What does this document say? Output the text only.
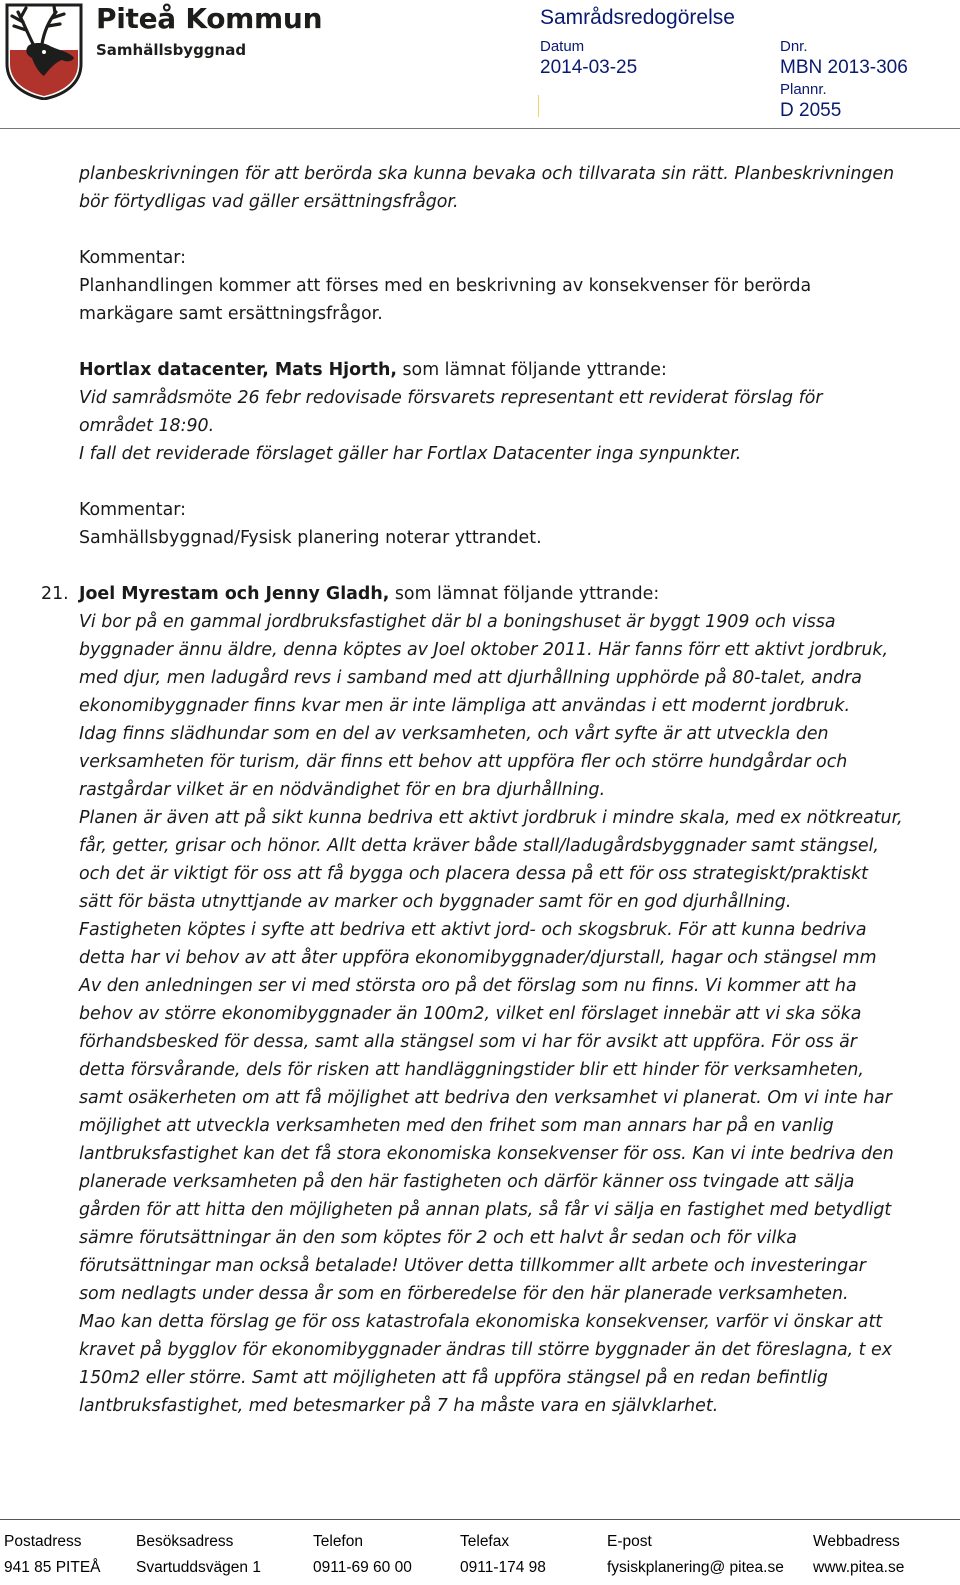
Piteå Kommun
Samhällsbyggnad
Samrådsredogörelse
Datum
2014-03-25
Dnr.
MBN 2013-306
Plannr.
D 2055

planbeskrivningen för att berörda ska kunna bevaka och tillvarata sin rätt. Planbeskrivningen

bör förtydligas vad gäller ersättningsfrågor.

Kommentar:

Planhandlingen kommer att förses med en beskrivning av konsekvenser för berörda

markägare samt ersättningsfrågor.

Hortlax datacenter, Mats Hjorth, som lämnat följande yttrande:

Vid samrådsmöte 26 febr redovisade försvarets representant ett reviderat förslag för

området 18:90.

I fall det reviderade förslaget gäller har Fortlax Datacenter inga synpunkter.

Kommentar:

Samhällsbyggnad/Fysisk planering noterar yttrandet.

21. Joel Myrestam och Jenny Gladh, som lämnat följande yttrande:

Vi bor på en gammal jordbruksfastighet där bl a boningshuset är byggt 1909 och vissa

byggnader ännu äldre, denna köptes av Joel oktober 2011. Här fanns förr ett aktivt jordbruk,

med djur, men ladugård revs i samband med att djurhållning upphörde på 80-talet, andra

ekonomibyggnader finns kvar men är inte lämpliga att användas i ett modernt jordbruk.

Idag finns slädhundar som en del av verksamheten, och vårt syfte är att utveckla den

verksamheten för turism, där finns ett behov att uppföra fler och större hundgårdar och

rastgårdar vilket är en nödvändighet för en bra djurhållning.

Planen är även att på sikt kunna bedriva ett aktivt jordbruk i mindre skala, med ex nötkreatur,

får, getter, grisar och hönor. Allt detta kräver både stall/ladugårdsbyggnader samt stängsel,

och det är viktigt för oss att få bygga och placera dessa på ett för oss strategiskt/praktiskt

sätt för bästa utnyttjande av marker och byggnader samt för en god djurhållning.

Fastigheten köptes i syfte att bedriva ett aktivt jord- och skogsbruk. För att kunna bedriva

detta har vi behov av att åter uppföra ekonomibyggnader/djurstall, hagar och stängsel mm

Av den anledningen ser vi med största oro på det förslag som nu finns. Vi kommer att ha

behov av större ekonomibyggnader än 100m2, vilket enl förslaget innebär att vi ska söka

förhandsbesked för dessa, samt alla stängsel som vi har för avsikt att uppföra. För oss är

detta försvårande, dels för risken att handläggningstider blir ett hinder för verksamheten,

samt osäkerheten om att få möjlighet att bedriva den verksamhet vi planerat. Om vi inte har

möjlighet att utveckla verksamheten med den frihet som man annars har på en vanlig

lantbruksfastighet kan det få stora ekonomiska konsekvenser för oss. Kan vi inte bedriva den

planerade verksamheten på den här fastigheten och därför känner oss tvingade att sälja

gården för att hitta den möjligheten på annan plats, så får vi sälja en fastighet med betydligt

sämre förutsättningar än den som köptes för 2 och ett halvt år sedan och för vilka

förutsättningar man också betalade! Utöver detta tillkommer allt arbete och investeringar

som nedlagts under dessa år som en förberedelse för den här planerade verksamheten.

Mao kan detta förslag ge för oss katastrofala ekonomiska konsekvenser, varför vi önskar att

kravet på bygglov för ekonomibyggnader ändras till större byggnader än det föreslagna, t ex

150m2 eller större. Samt att möjligheten att få uppföra stängsel på en redan befintlig

lantbruksfastighet, med betesmarker på 7 ha måste vara en självklarhet.

Postadress
941 85 PITEÅ
Besöksadress
Svartuddsvägen 1
Telefon
0911-69 60 00
Telefax
0911-174 98
E-post
fysiskplanering@ pitea.se
Webbadress
www.pitea.se
